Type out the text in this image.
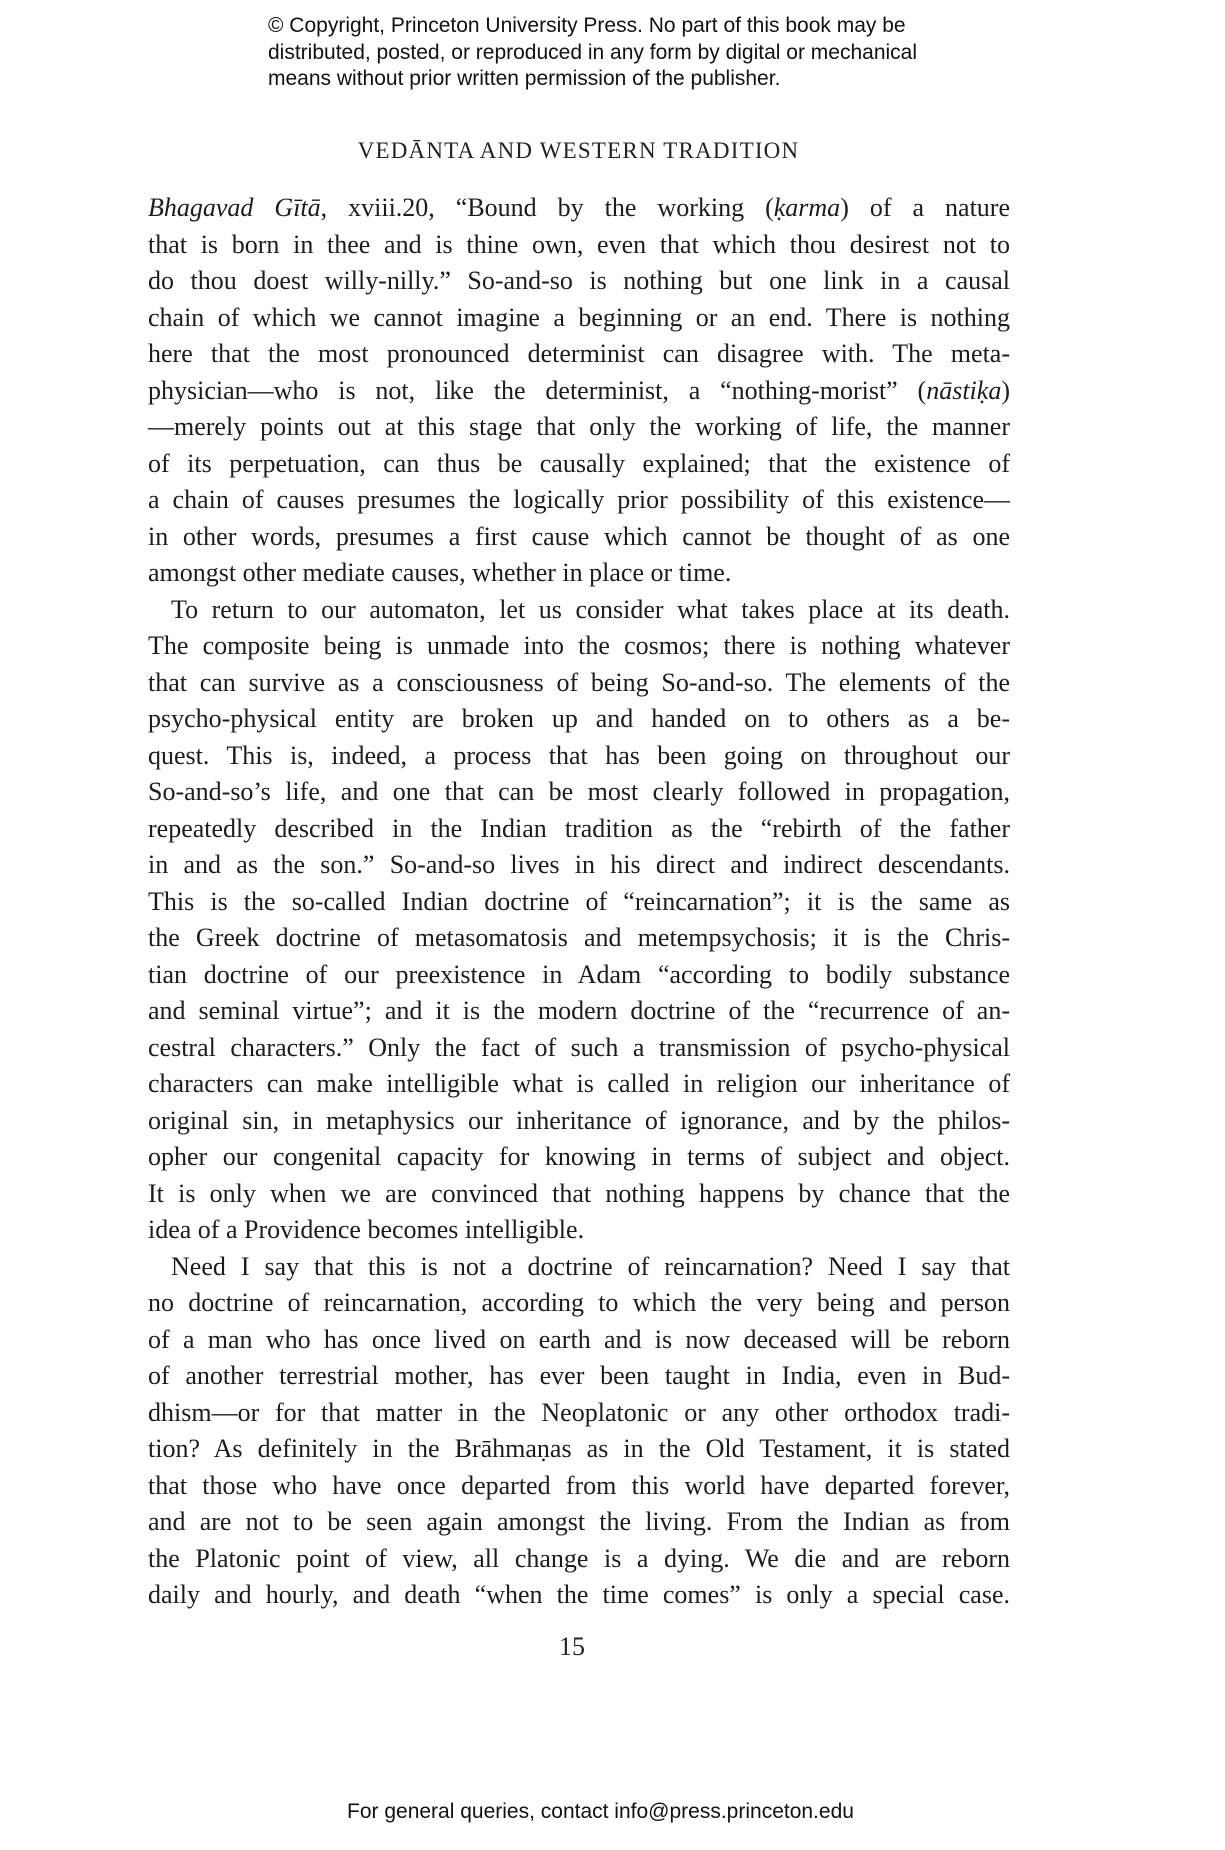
© Copyright, Princeton University Press. No part of this book may be
distributed, posted, or reproduced in any form by digital or mechanical
means without prior written permission of the publisher.
VEDĀNTA AND WESTERN TRADITION
Bhagavad Gītā, xviii.20, “Bound by the working (ḳarma) of a nature
that is born in thee and is thine own, even that which thou desirest not to
do thou doest willy-nilly.” So-and-so is nothing but one link in a causal
chain of which we cannot imagine a beginning or an end. There is nothing
here that the most pronounced determinist can disagree with. The meta-
physician—who is not, like the determinist, a “nothing-morist” (nāstiḳa)
—merely points out at this stage that only the working of life, the manner
of its perpetuation, can thus be causally explained; that the existence of
a chain of causes presumes the logically prior possibility of this existence—
in other words, presumes a first cause which cannot be thought of as one
amongst other mediate causes, whether in place or time.
To return to our automaton, let us consider what takes place at its death.
The composite being is unmade into the cosmos; there is nothing whatever
that can survive as a consciousness of being So-and-so. The elements of the
psycho-physical entity are broken up and handed on to others as a be-
quest. This is, indeed, a process that has been going on throughout our
So-and-so’s life, and one that can be most clearly followed in propagation,
repeatedly described in the Indian tradition as the “rebirth of the father
in and as the son.” So-and-so lives in his direct and indirect descendants.
This is the so-called Indian doctrine of “reincarnation”; it is the same as
the Greek doctrine of metasomatosis and metempsychosis; it is the Chris-
tian doctrine of our preexistence in Adam “according to bodily substance
and seminal virtue”; and it is the modern doctrine of the “recurrence of an-
cestral characters.” Only the fact of such a transmission of psycho-physical
characters can make intelligible what is called in religion our inheritance of
original sin, in metaphysics our inheritance of ignorance, and by the philos-
opher our congenital capacity for knowing in terms of subject and object.
It is only when we are convinced that nothing happens by chance that the
idea of a Providence becomes intelligible.
Need I say that this is not a doctrine of reincarnation? Need I say that
no doctrine of reincarnation, according to which the very being and person
of a man who has once lived on earth and is now deceased will be reborn
of another terrestrial mother, has ever been taught in India, even in Bud-
dhism—or for that matter in the Neoplatonic or any other orthodox tradi-
tion? As definitely in the Brāhmaṇas as in the Old Testament, it is stated
that those who have once departed from this world have departed forever,
and are not to be seen again amongst the living. From the Indian as from
the Platonic point of view, all change is a dying. We die and are reborn
daily and hourly, and death “when the time comes” is only a special case.
15
For general queries, contact info@press.princeton.edu
